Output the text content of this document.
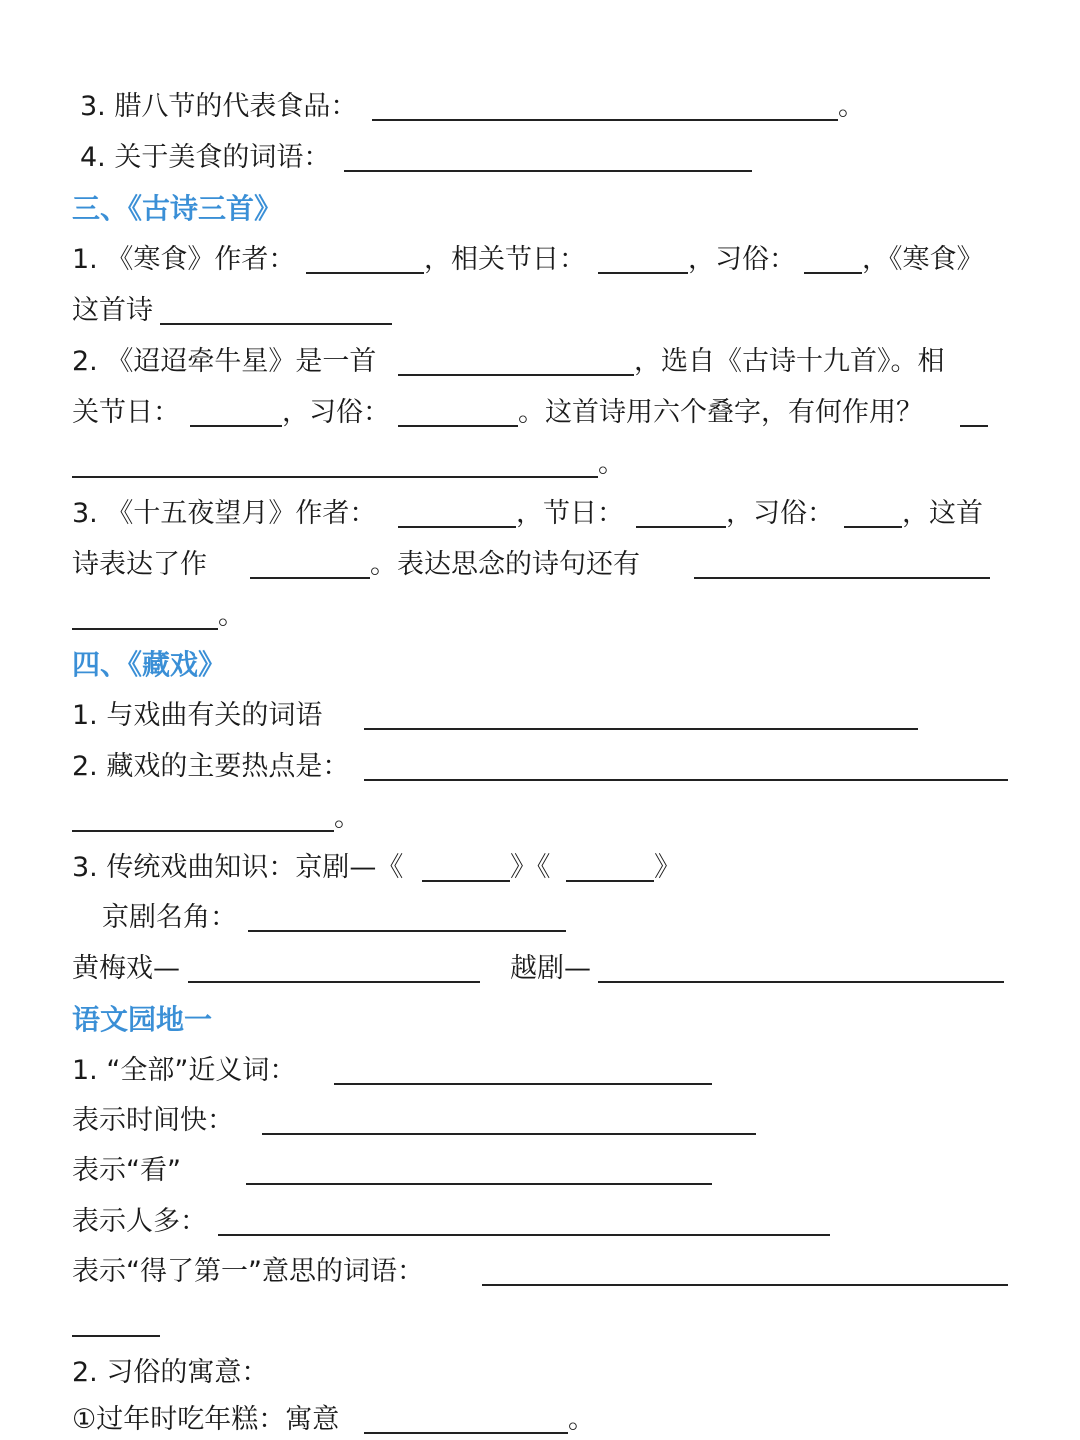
3. 腊八节的代表食品：	。
4. 关于美食的词语：
三、《古诗三首》
1. 《寒食》作者：	，相关节日：	，习俗： ，《寒食》
这首诗
2. 《迢迢牵牛星》是一首	，选自《古诗十九首》。相
关节日：	，习俗：	。这首诗用六个叠字，有何作用？
。
3. 《十五夜望月》作者：	，节日：	，习俗：	，这首
诗表达了作	。表达思念的诗句还有
。
四、《藏戏》
1. 与戏曲有关的词语
2. 藏戏的主要热点是：
。
3. 传统戏曲知识：京剧—《	》《	》
京剧名角：
黄梅戏—	越剧—
语文园地一
1. “全部”近义词：
表示时间快：
表示“看”
表示人多：
表示“得了第一”意思的词语：
2. 习俗的寓意：
①过年时吃年糕：寓意	。
